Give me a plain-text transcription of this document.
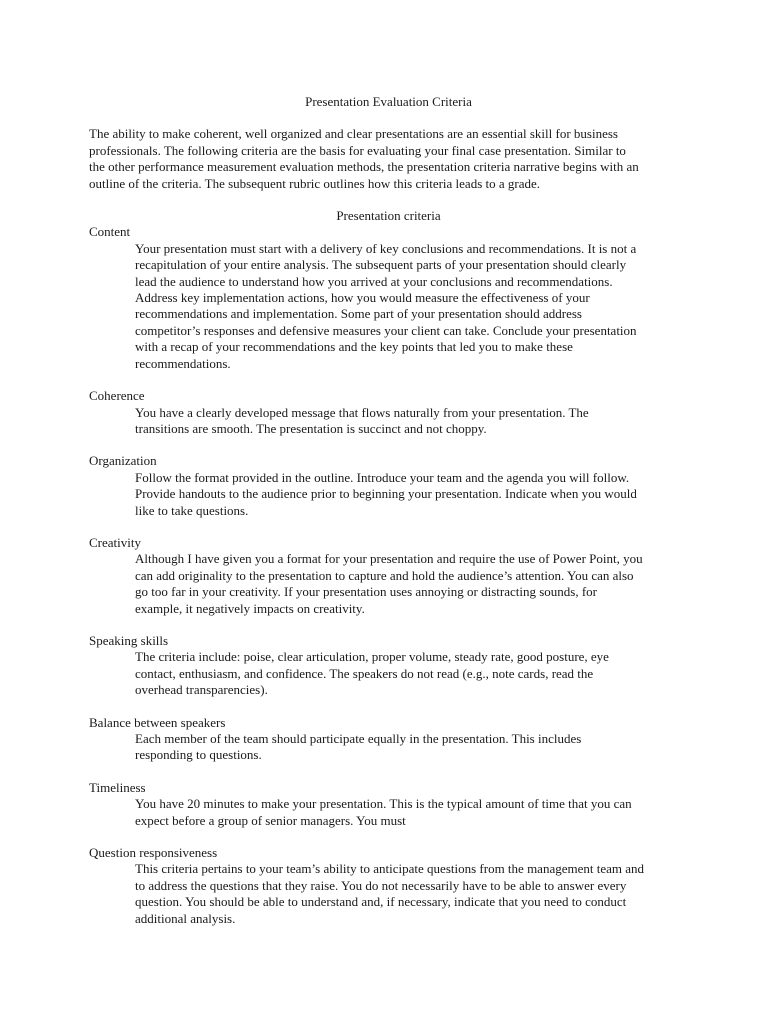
Presentation Evaluation Criteria

The ability to make coherent, well organized and clear presentations are an essential skill for business
professionals. The following criteria are the basis for evaluating your final case presentation. Similar to
the other performance measurement evaluation methods, the presentation criteria narrative begins with an
outline of the criteria. The subsequent rubric outlines how this criteria leads to a grade.

Presentation criteria

Content
Your presentation must start with a delivery of key conclusions and recommendations. It is not a
recapitulation of your entire analysis. The subsequent parts of your presentation should clearly
lead the audience to understand how you arrived at your conclusions and recommendations.
Address key implementation actions, how you would measure the effectiveness of your
recommendations and implementation. Some part of your presentation should address
competitor’s responses and defensive measures your client can take. Conclude your presentation
with a recap of your recommendations and the key points that led you to make these
recommendations.
Coherence
You have a clearly developed message that flows naturally from your presentation. The
transitions are smooth. The presentation is succinct and not choppy.
Organization
Follow the format provided in the outline. Introduce your team and the agenda you will follow.
Provide handouts to the audience prior to beginning your presentation. Indicate when you would
like to take questions.
Creativity
Although I have given you a format for your presentation and require the use of Power Point, you
can add originality to the presentation to capture and hold the audience’s attention. You can also
go too far in your creativity. If your presentation uses annoying or distracting sounds, for
example, it negatively impacts on creativity.
Speaking skills
The criteria include: poise, clear articulation, proper volume, steady rate, good posture, eye
contact, enthusiasm, and confidence. The speakers do not read (e.g., note cards, read the
overhead transparencies).
Balance between speakers
Each member of the team should participate equally in the presentation. This includes
responding to questions.
Timeliness
You have 20 minutes to make your presentation. This is the typical amount of time that you can
expect before a group of senior managers. You must
Question responsiveness
This criteria pertains to your team’s ability to anticipate questions from the management team and
to address the questions that they raise. You do not necessarily have to be able to answer every
question. You should be able to understand and, if necessary, indicate that you need to conduct
additional analysis.
